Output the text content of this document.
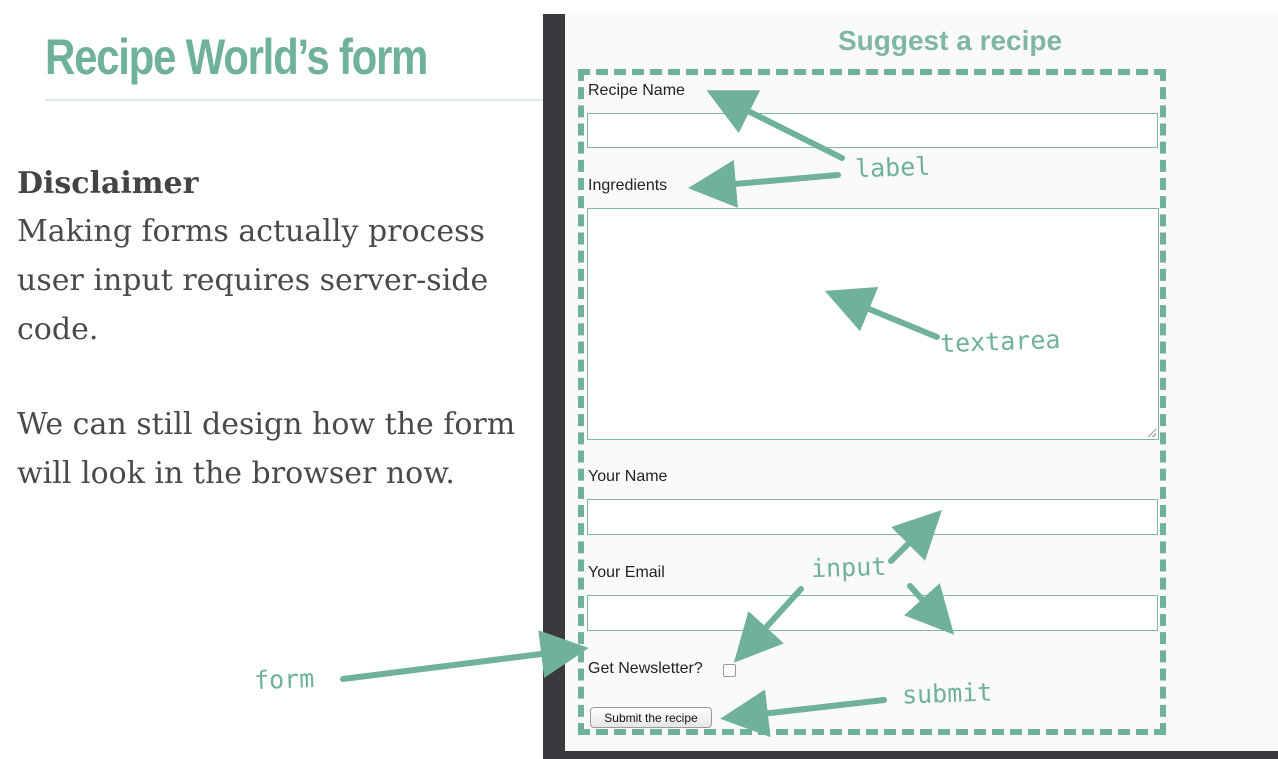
Recipe World’s form
Disclaimer

Making forms actually process user input requires server-side code.

We can still design how the form will look in the browser now.

Suggest a recipe
Recipe Name
Ingredients
Your Name
Your Email
Get Newsletter?
Submit the recipe
label
textarea
input
form	submit
